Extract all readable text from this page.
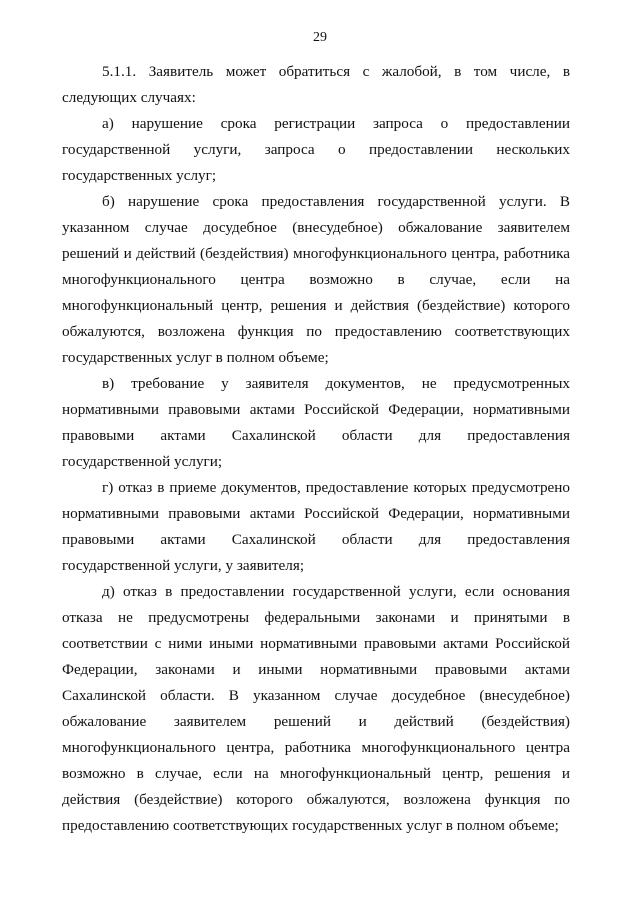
29

5.1.1. Заявитель может обратиться с жалобой, в том числе, в следующих случаях:

а) нарушение срока регистрации запроса о предоставлении государственной услуги, запроса о предоставлении нескольких государственных услуг;

б) нарушение срока предоставления государственной услуги. В указанном случае досудебное (внесудебное) обжалование заявителем решений и действий (бездействия) многофункционального центра, работника многофункционального центра возможно в случае, если на многофункциональный центр, решения и действия (бездействие) которого обжалуются, возложена функция по предоставлению соответствующих государственных услуг в полном объеме;

в) требование у заявителя документов, не предусмотренных нормативными правовыми актами Российской Федерации, нормативными правовыми актами Сахалинской области для предоставления государственной услуги;

г) отказ в приеме документов, предоставление которых предусмотрено нормативными правовыми актами Российской Федерации, нормативными правовыми актами Сахалинской области для предоставления государственной услуги, у заявителя;

д) отказ в предоставлении государственной услуги, если основания отказа не предусмотрены федеральными законами и принятыми в соответствии с ними иными нормативными правовыми актами Российской Федерации, законами и иными нормативными правовыми актами Сахалинской области. В указанном случае досудебное (внесудебное) обжалование заявителем решений и действий (бездействия) многофункционального центра, работника многофункционального центра возможно в случае, если на многофункциональный центр, решения и действия (бездействие) которого обжалуются, возложена функция по предоставлению соответствующих государственных услуг в полном объеме;
